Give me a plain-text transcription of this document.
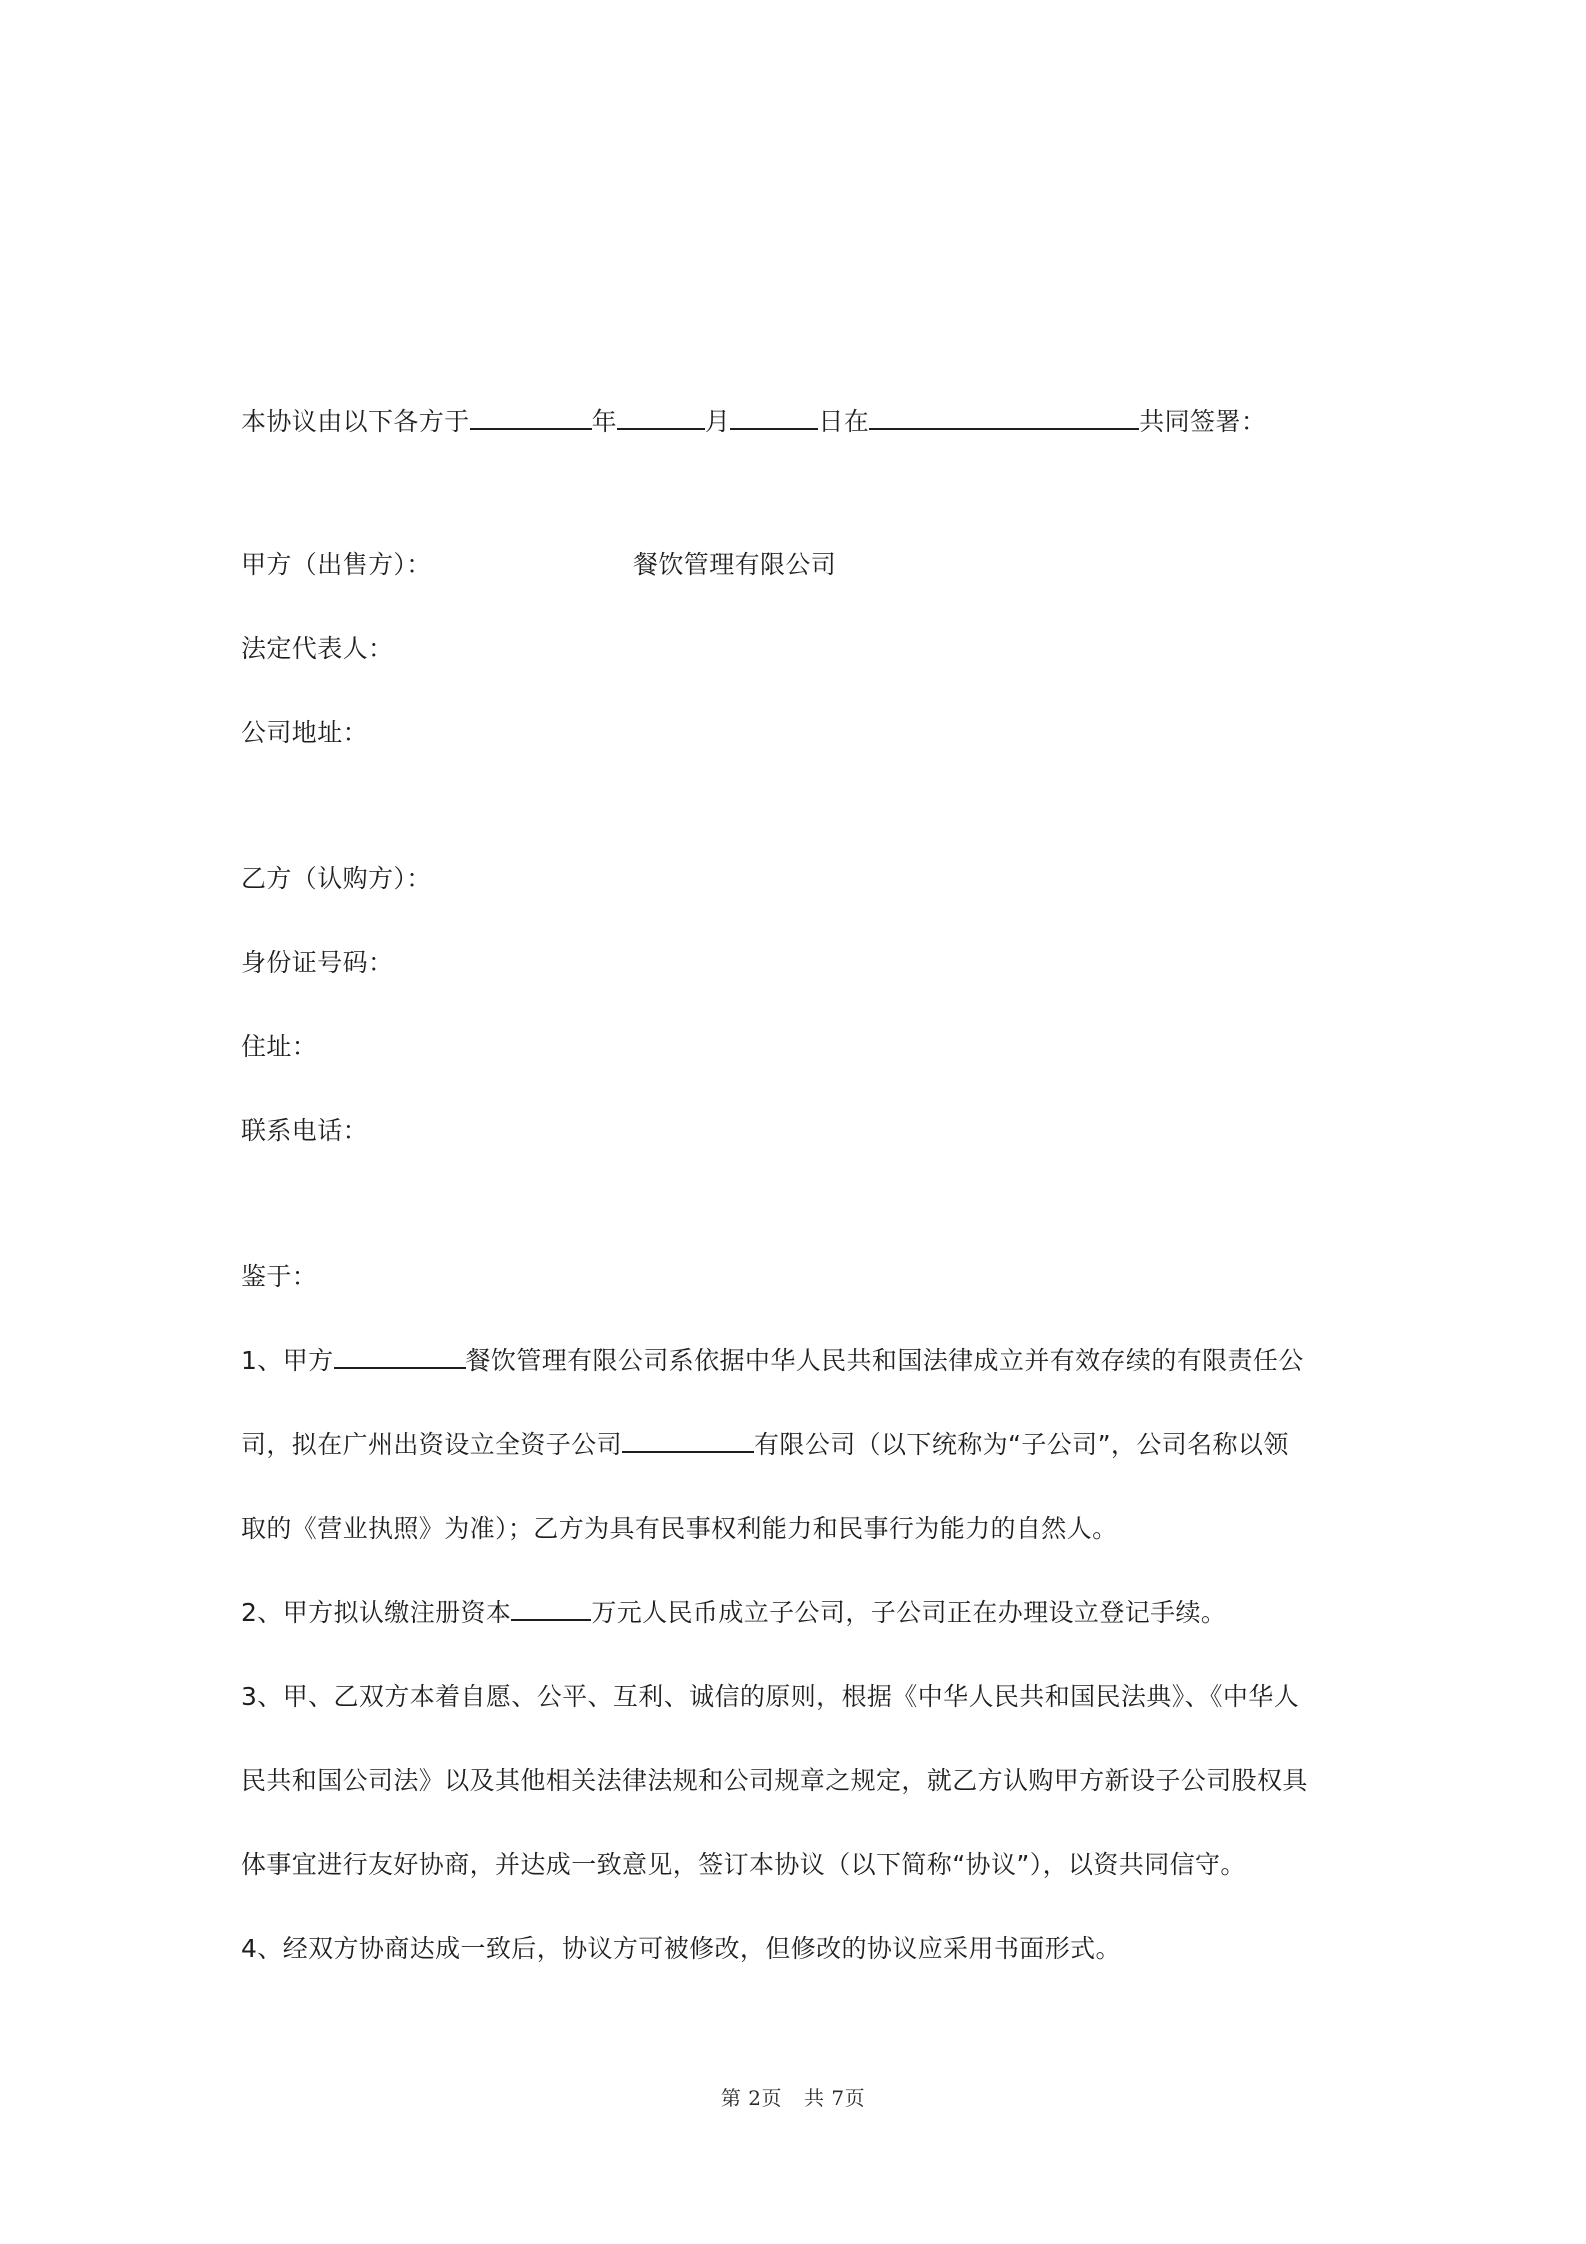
本协议由以下各方于	年	月	日在	共同签署：
甲方（出售方）：	餐饮管理有限公司
法定代表人：
公司地址：
乙方（认购方）：
身份证号码：
住址：
联系电话：
鉴于：
1、甲方	餐饮管理有限公司系依据中华人民共和国法律成立并有效存续的有限责任公
司，拟在广州出资设立全资子公司	有限公司（以下统称为“子公司”，公司名称以领
取的《营业执照》为准）；乙方为具有民事权利能力和民事行为能力的自然人。
2、甲方拟认缴注册资本	万元人民币成立子公司，子公司正在办理设立登记手续。
3、甲、乙双方本着自愿、公平、互利、诚信的原则，根据《中华人民共和国民法典》、《中华人
民共和国公司法》以及其他相关法律法规和公司规章之规定，就乙方认购甲方新设子公司股权具
体事宜进行友好协商，并达成一致意见，签订本协议（以下简称“协议”），以资共同信守。
4、经双方协商达成一致后，协议方可被修改，但修改的协议应采用书面形式。
第 2页 共 7页
